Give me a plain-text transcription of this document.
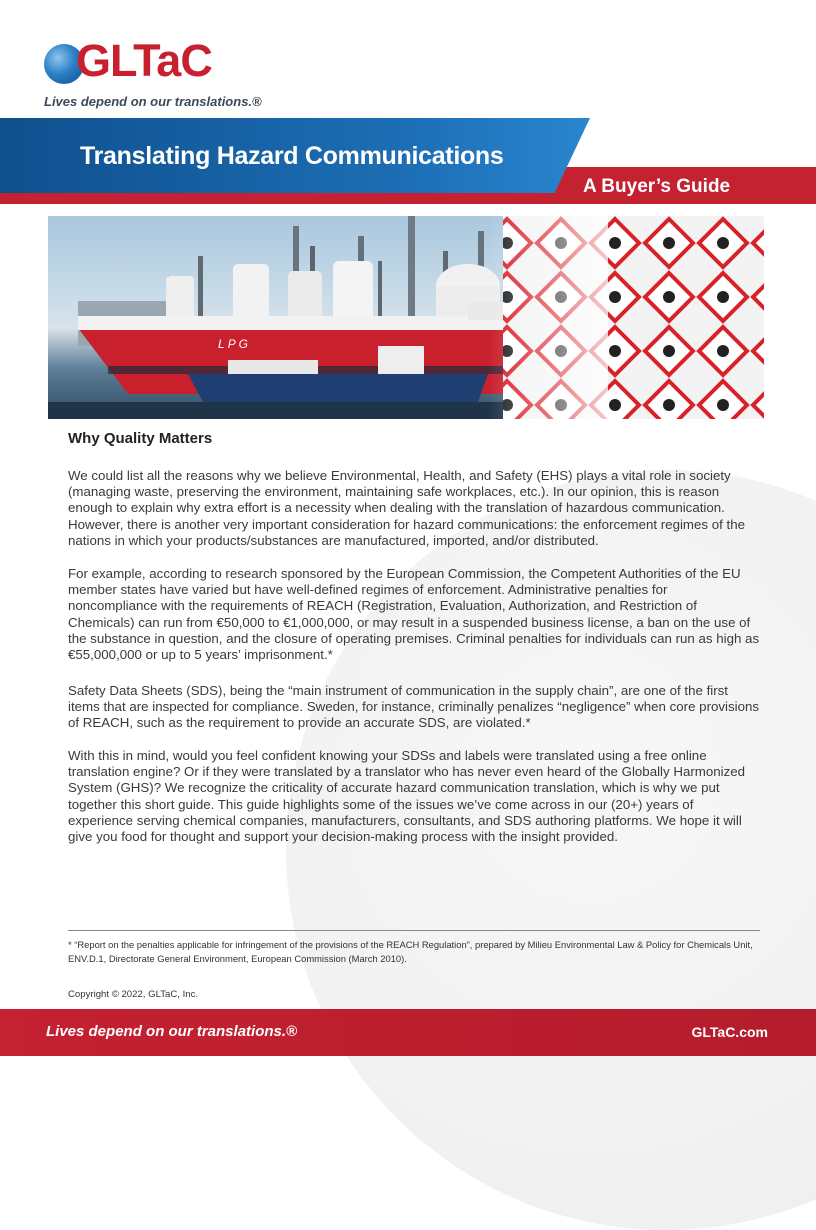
GLTaC
Lives depend on our translations.®
Translating Hazard Communications
A Buyer’s Guide
L P G
Why Quality Matters
We could list all the reasons why we believe Environmental, Health, and Safety (EHS) plays a vital role in society (managing waste, preserving the environment, maintaining safe workplaces, etc.). In our opinion, this is reason enough to explain why extra effort is a necessity when dealing with the translation of hazardous communication. However, there is another very important consideration for hazard communications: the enforcement regimes of the nations in which your products/substances are manufactured, imported, and/or distributed.
For example, according to research sponsored by the European Commission, the Competent Authorities of the EU member states have varied but have well-defined regimes of enforcement. Administrative penalties for noncompliance with the requirements of REACH (Registration, Evaluation, Authorization, and Restriction of Chemicals) can run from €50,000 to €1,000,000, or may result in a suspended business license, a ban on the use of the substance in question, and the closure of operating premises. Criminal penalties for individuals can run as high as €55,000,000 or up to 5 years’ imprisonment.*
Safety Data Sheets (SDS), being the “main instrument of communication in the supply chain”, are one of the first items that are inspected for compliance. Sweden, for instance, criminally penalizes “negligence” when core provisions of REACH, such as the requirement to provide an accurate SDS, are violated.*
With this in mind, would you feel confident knowing your SDSs and labels were translated using a free online translation engine? Or if they were translated by a translator who has never even heard of the Globally Harmonized System (GHS)? We recognize the criticality of accurate hazard communication translation, which is why we put together this short guide. This guide highlights some of the issues we’ve come across in our (20+) years of experience serving chemical companies, manufacturers, consultants, and SDS authoring platforms. We hope it will give you food for thought and support your decision-making process with the insight provided.
* “Report on the penalties applicable for infringement of the provisions of the REACH Regulation”, prepared by Milieu Environmental Law & Policy for Chemicals Unit, ENV.D.1, Directorate General Environment, European Commission (March 2010).
Copyright © 2022, GLTaC, Inc.
Lives depend on our translations.®	GLTaC.com
